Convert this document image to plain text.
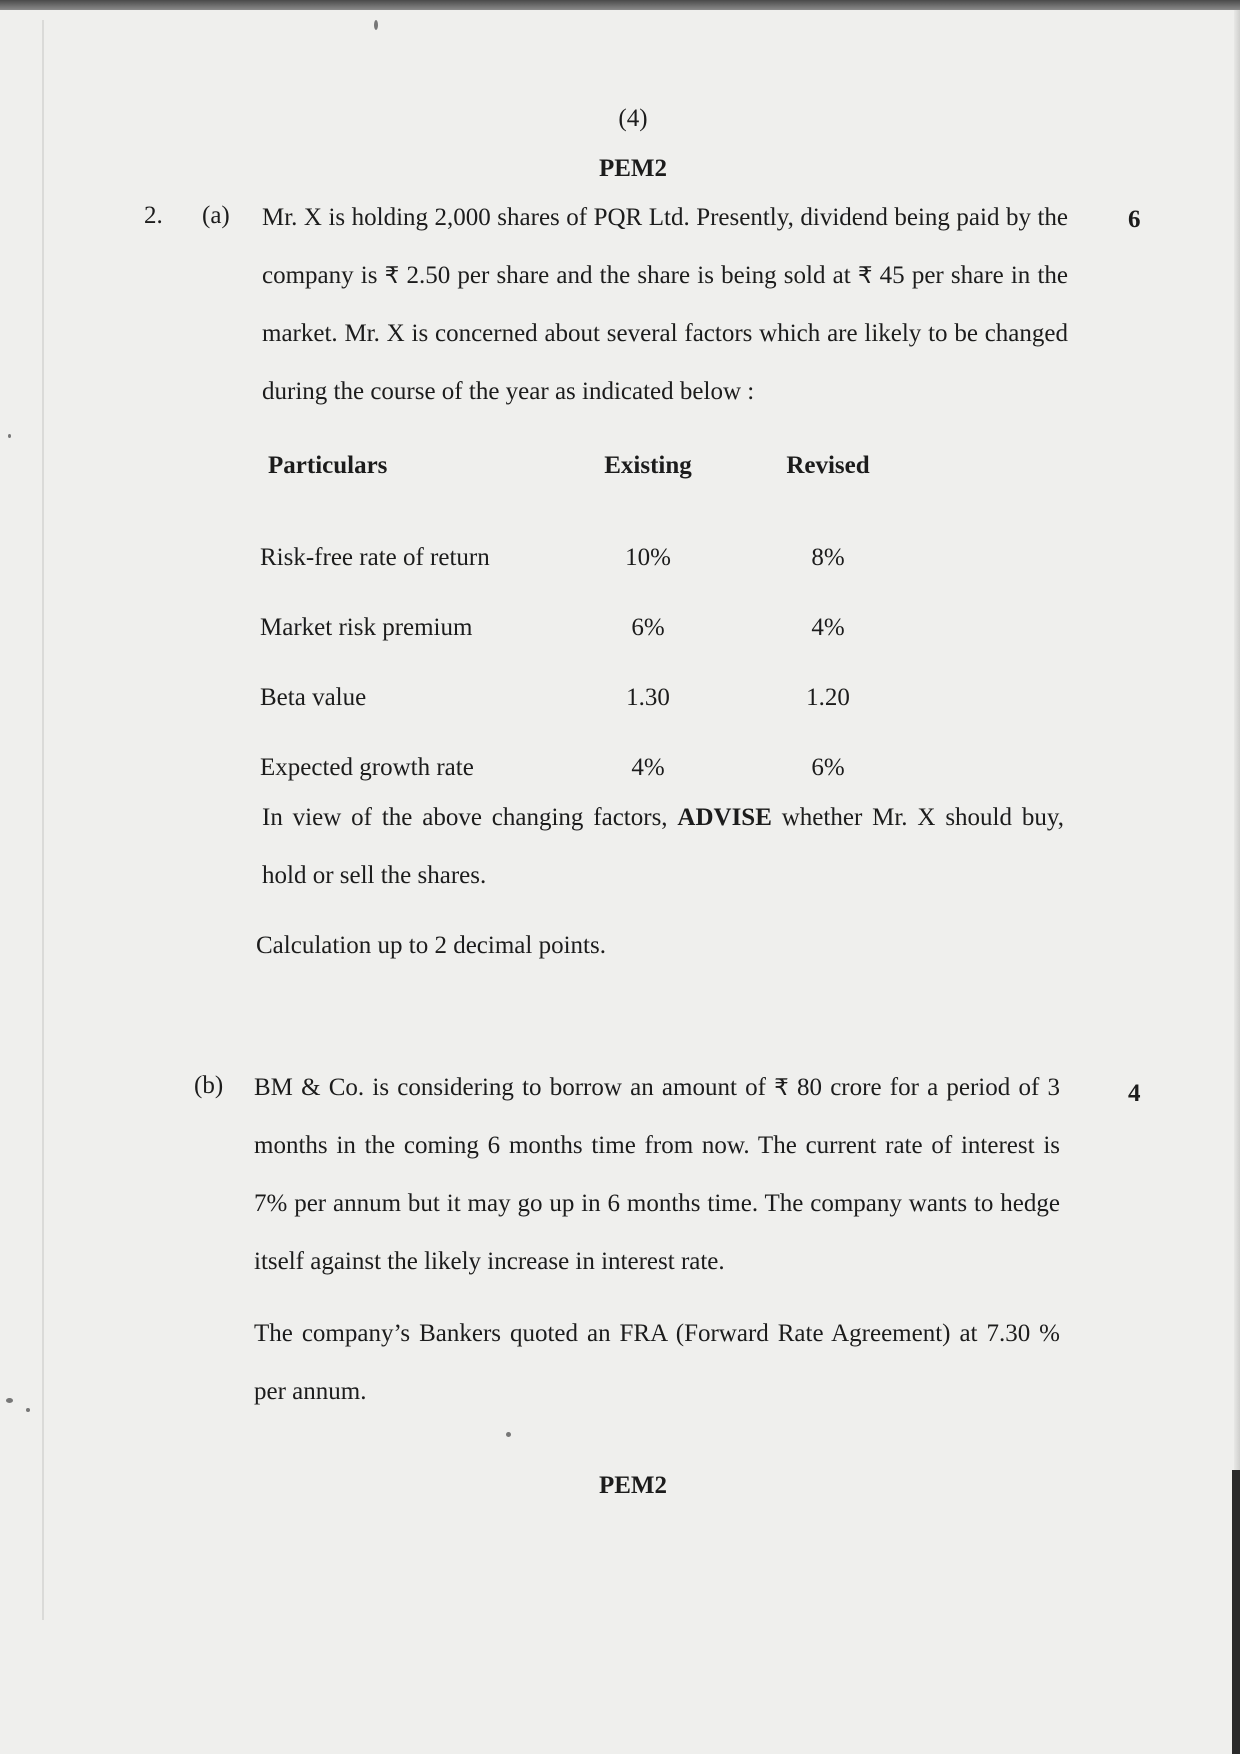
(4)
PEM2
2. (a)	6

Mr. X is holding 2,000 shares of PQR Ltd. Presently, dividend being paid by the company is ₹ 2.50 per share and the share is being sold at ₹ 45 per share in the market. Mr. X is concerned about several factors which are likely to be changed during the course of the year as indicated below :

Particulars	Existing	Revised
Risk-free rate of return	10%	8%
Market risk premium	6%	4%
Beta value	1.30	1.20
Expected growth rate	4%	6%

In view of the above changing factors, ADVISE whether Mr. X should buy, hold or sell the shares.

Calculation up to 2 decimal points.

(b)	4

BM & Co. is considering to borrow an amount of ₹ 80 crore for a period of 3 months in the coming 6 months time from now. The current rate of interest is 7% per annum but it may go up in 6 months time. The company wants to hedge itself against the likely increase in interest rate.

The company’s Bankers quoted an FRA (Forward Rate Agreement) at 7.30 % per annum.

PEM2
